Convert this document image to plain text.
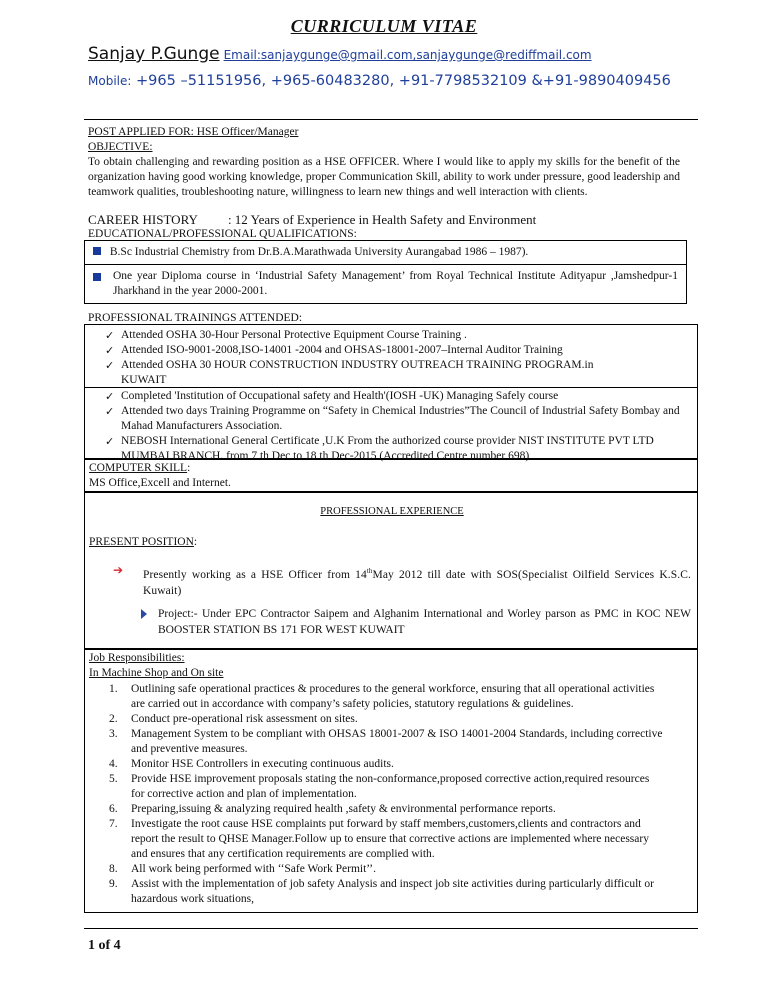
CURRICULUM VITAE
Sanjay P.Gunge Email:sanjaygunge@gmail.com,sanjaygunge@rediffmail.com
Mobile: +965 –51151956, +965-60483280, +91-7798532109 &+91-9890409456
POST APPLIED FOR: HSE Officer/Manager
OBJECTIVE:
To obtain challenging and rewarding position as a HSE OFFICER. Where I would like to apply my skills for the benefit of the organization having good working knowledge, proper Communication Skill, ability to work under pressure, good leadership and teamwork qualities, troubleshooting nature, willingness to learn new things and well interaction with clients.
CAREER HISTORY : 12 Years of Experience in Health Safety and Environment
EDUCATIONAL/PROFESSIONAL QUALIFICATIONS:
B.Sc Industrial Chemistry from Dr.B.A.Marathwada University Aurangabad 1986 – 1987).
One year Diploma course in ‘Industrial Safety Management’ from Royal Technical Institute Adityapur ,Jamshedpur-1 Jharkhand in the year 2000-2001.
PROFESSIONAL TRAININGS ATTENDED:
✓ Attended OSHA 30-Hour Personal Protective Equipment Course Training .
✓ Attended ISO-9001-2008,ISO-14001 -2004 and OHSAS-18001-2007–Internal Auditor Training
✓ Attended OSHA 30 HOUR CONSTRUCTION INDUSTRY OUTREACH TRAINING PROGRAM.in KUWAIT
✓ Completed 'Institution of Occupational safety and Health'(IOSH -UK) Managing Safely course
✓ Attended two days Training Programme on “Safety in Chemical Industries”The Council of Industrial Safety Bombay and Mahad Manufacturers Association.
✓ NEBOSH International General Certificate ,U.K From the authorized course provider NIST INSTITUTE PVT LTD MUMBAI BRANCH. from 7 th Dec to 18 th Dec-2015 (Accredited Centre number 698)
COMPUTER SKILL:
MS Office,Excell and Internet.
PROFESSIONAL EXPERIENCE
PRESENT POSITION:
➔ Presently working as a HSE Officer from 14thMay 2012 till date with SOS(Specialist Oilfield Services K.S.C. Kuwait)
Project:- Under EPC Contractor Saipem and Alghanim International and Worley parson as PMC in KOC NEW BOOSTER STATION BS 171 FOR WEST KUWAIT
Job Responsibilities:
In Machine Shop and On site
1. Outlining safe operational practices & procedures to the general workforce, ensuring that all operational activities are carried out in accordance with company’s safety policies, statutory regulations & guidelines.
2. Conduct pre-operational risk assessment on sites.
3. Management System to be compliant with OHSAS 18001-2007 & ISO 14001-2004 Standards, including corrective and preventive measures.
4. Monitor HSE Controllers in executing continuous audits.
5. Provide HSE improvement proposals stating the non-conformance,proposed corrective action,required resources for corrective action and plan of implementation.
6. Preparing,issuing & analyzing required health ,safety & environmental performance reports.
7. Investigate the root cause HSE complaints put forward by staff members,customers,clients and contractors and report the result to QHSE Manager.Follow up to ensure that corrective actions are implemented where necessary and ensures that any certification requirements are complied with.
8. All work being performed with ‘‘Safe Work Permit’’.
9. Assist with the implementation of job safety Analysis and inspect job site activities during particularly difficult or hazardous work situations,
1 of 4
